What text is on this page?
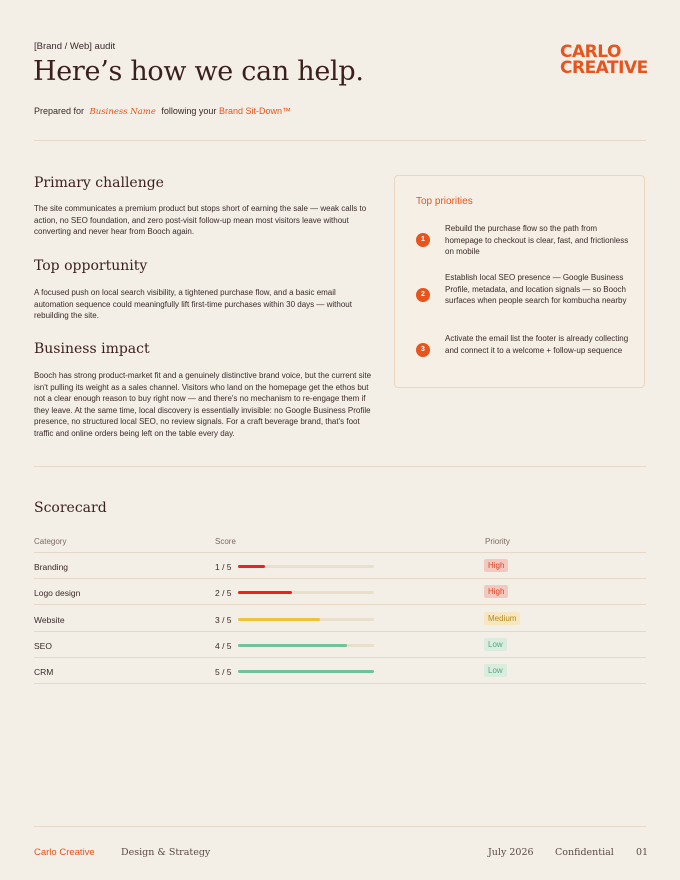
[Brand / Web] audit
Here’s how we can help.
Prepared for Business Name following your Brand Sit-Down™
CARLO
CREATIVE
Primary challenge
The site communicates a premium product but stops short of earning the sale — weak calls to action, no SEO foundation, and zero post-visit follow-up mean most visitors leave without converting and never hear from Booch again.
Top opportunity
A focused push on local search visibility, a tightened purchase flow, and a basic email automation sequence could meaningfully lift first-time purchases within 30 days — without rebuilding the site.
Business impact
Booch has strong product-market fit and a genuinely distinctive brand voice, but the current site isn't pulling its weight as a sales channel. Visitors who land on the homepage get the ethos but not a clear enough reason to buy right now — and there's no mechanism to re-engage them if they leave. At the same time, local discovery is essentially invisible: no Google Business Profile presence, no structured local SEO, no review signals. For a craft beverage brand, that's foot traffic and online orders being left on the table every day.
Top priorities
1
Rebuild the purchase flow so the path from homepage to checkout is clear, fast, and frictionless on mobile
2
Establish local SEO presence — Google Business Profile, metadata, and location signals — so Booch surfaces when people search for kombucha nearby
3
Activate the email list the footer is already collecting and connect it to a welcome + follow-up sequence
Scorecard
Category	Score	Priority
Branding	1 / 5	High
Logo design	2 / 5	High
Website	3 / 5	Medium
SEO	4 / 5	Low
CRM	5 / 5	Low
Carlo Creative	Design & Strategy	July 2026 Confidential 01
